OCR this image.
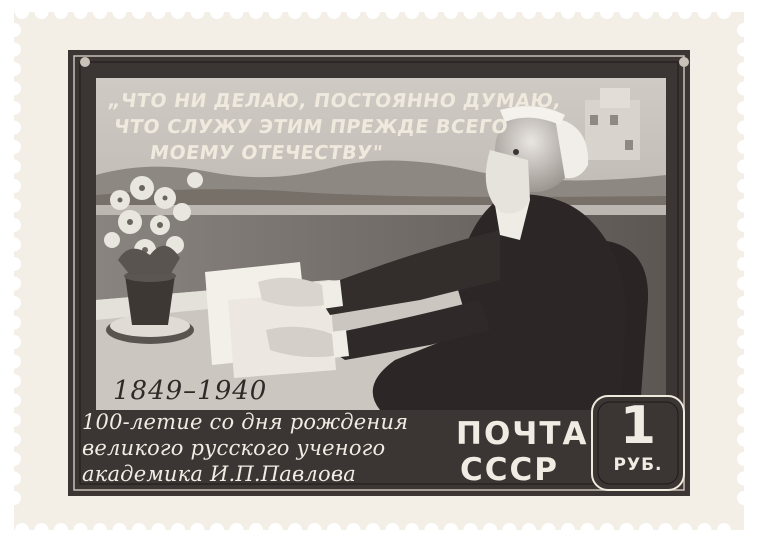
„ЧТО НИ ДЕЛАЮ, ПОСТОЯННО ДУМАЮ,
ЧТО СЛУЖУ ЭТИМ ПРЕЖДЕ ВСЕГО
МОЕМУ ОТЕЧЕСТВУ"
1849–1940
100-летие со дня рождения
великого русского ученого
академика И.П.Павлова
ПОЧТА
СССР
1
РУБ.
